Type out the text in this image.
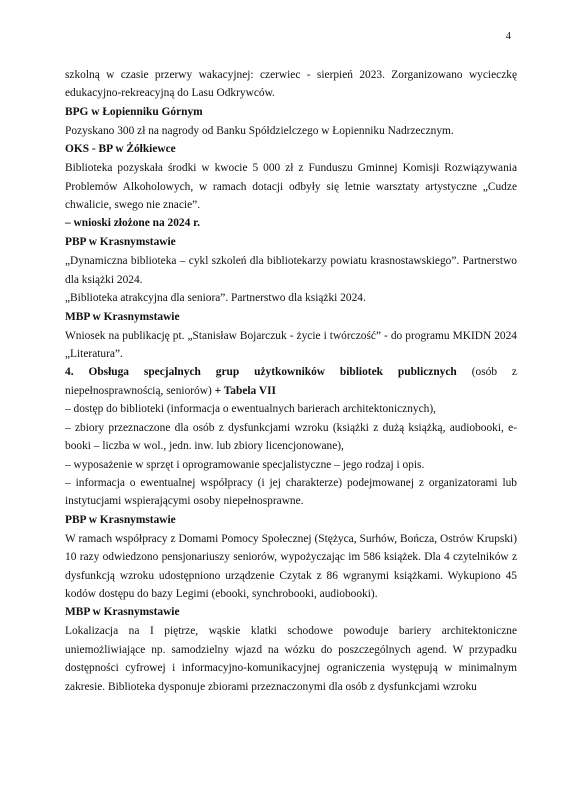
4

szkolną w czasie przerwy wakacyjnej: czerwiec - sierpień 2023. Zorganizowano wycieczkę edukacyjno-rekreacyjną do Lasu Odkrywców.

BPG w Łopienniku Górnym

Pozyskano 300 zł na nagrody od Banku Spółdzielczego w Łopienniku Nadrzecznym.

OKS - BP w Żółkiewce

Biblioteka pozyskała środki w kwocie 5 000 zł z Funduszu Gminnej Komisji Rozwiązywania Problemów Alkoholowych, w ramach dotacji odbyły się letnie warsztaty artystyczne „Cudze chwalicie, swego nie znacie”.

– wnioski złożone na 2024 r.

PBP w Krasnymstawie

„Dynamiczna biblioteka – cykl szkoleń dla bibliotekarzy powiatu krasnostawskiego”. Partnerstwo dla książki 2024.

„Biblioteka atrakcyjna dla seniora”. Partnerstwo dla książki 2024.

MBP w Krasnymstawie

Wniosek na publikację pt. „Stanisław Bojarczuk - życie i twórczość” - do programu MKIDN 2024 „Literatura”.

4. Obsługa specjalnych grup użytkowników bibliotek publicznych (osób z niepełnosprawnością, seniorów) + Tabela VII

– dostęp do biblioteki (informacja o ewentualnych barierach architektonicznych),

– zbiory przeznaczone dla osób z dysfunkcjami wzroku (książki z dużą książką, audiobooki, e-booki – liczba w wol., jedn. inw. lub zbiory licencjonowane),

– wyposażenie w sprzęt i oprogramowanie specjalistyczne – jego rodzaj i opis.

– informacja o ewentualnej współpracy (i jej charakterze) podejmowanej z organizatorami lub instytucjami wspierającymi osoby niepełnosprawne.

PBP w Krasnymstawie

W ramach współpracy z Domami Pomocy Społecznej (Stężyca, Surhów, Bończa, Ostrów Krupski) 10 razy odwiedzono pensjonariuszy seniorów, wypożyczając im 586 książek. Dla 4 czytelników z dysfunkcją wzroku udostępniono urządzenie Czytak z 86 wgranymi książkami. Wykupiono 45 kodów dostępu do bazy Legimi (ebooki, synchrobooki, audiobooki).

MBP w Krasnymstawie

Lokalizacja na I piętrze, wąskie klatki schodowe powoduje bariery architektoniczne uniemożliwiające np. samodzielny wjazd na wózku do poszczególnych agend. W przypadku dostępności cyfrowej i informacyjno-komunikacyjnej ograniczenia występują w minimalnym zakresie. Biblioteka dysponuje zbiorami przeznaczonymi dla osób z dysfunkcjami wzroku
